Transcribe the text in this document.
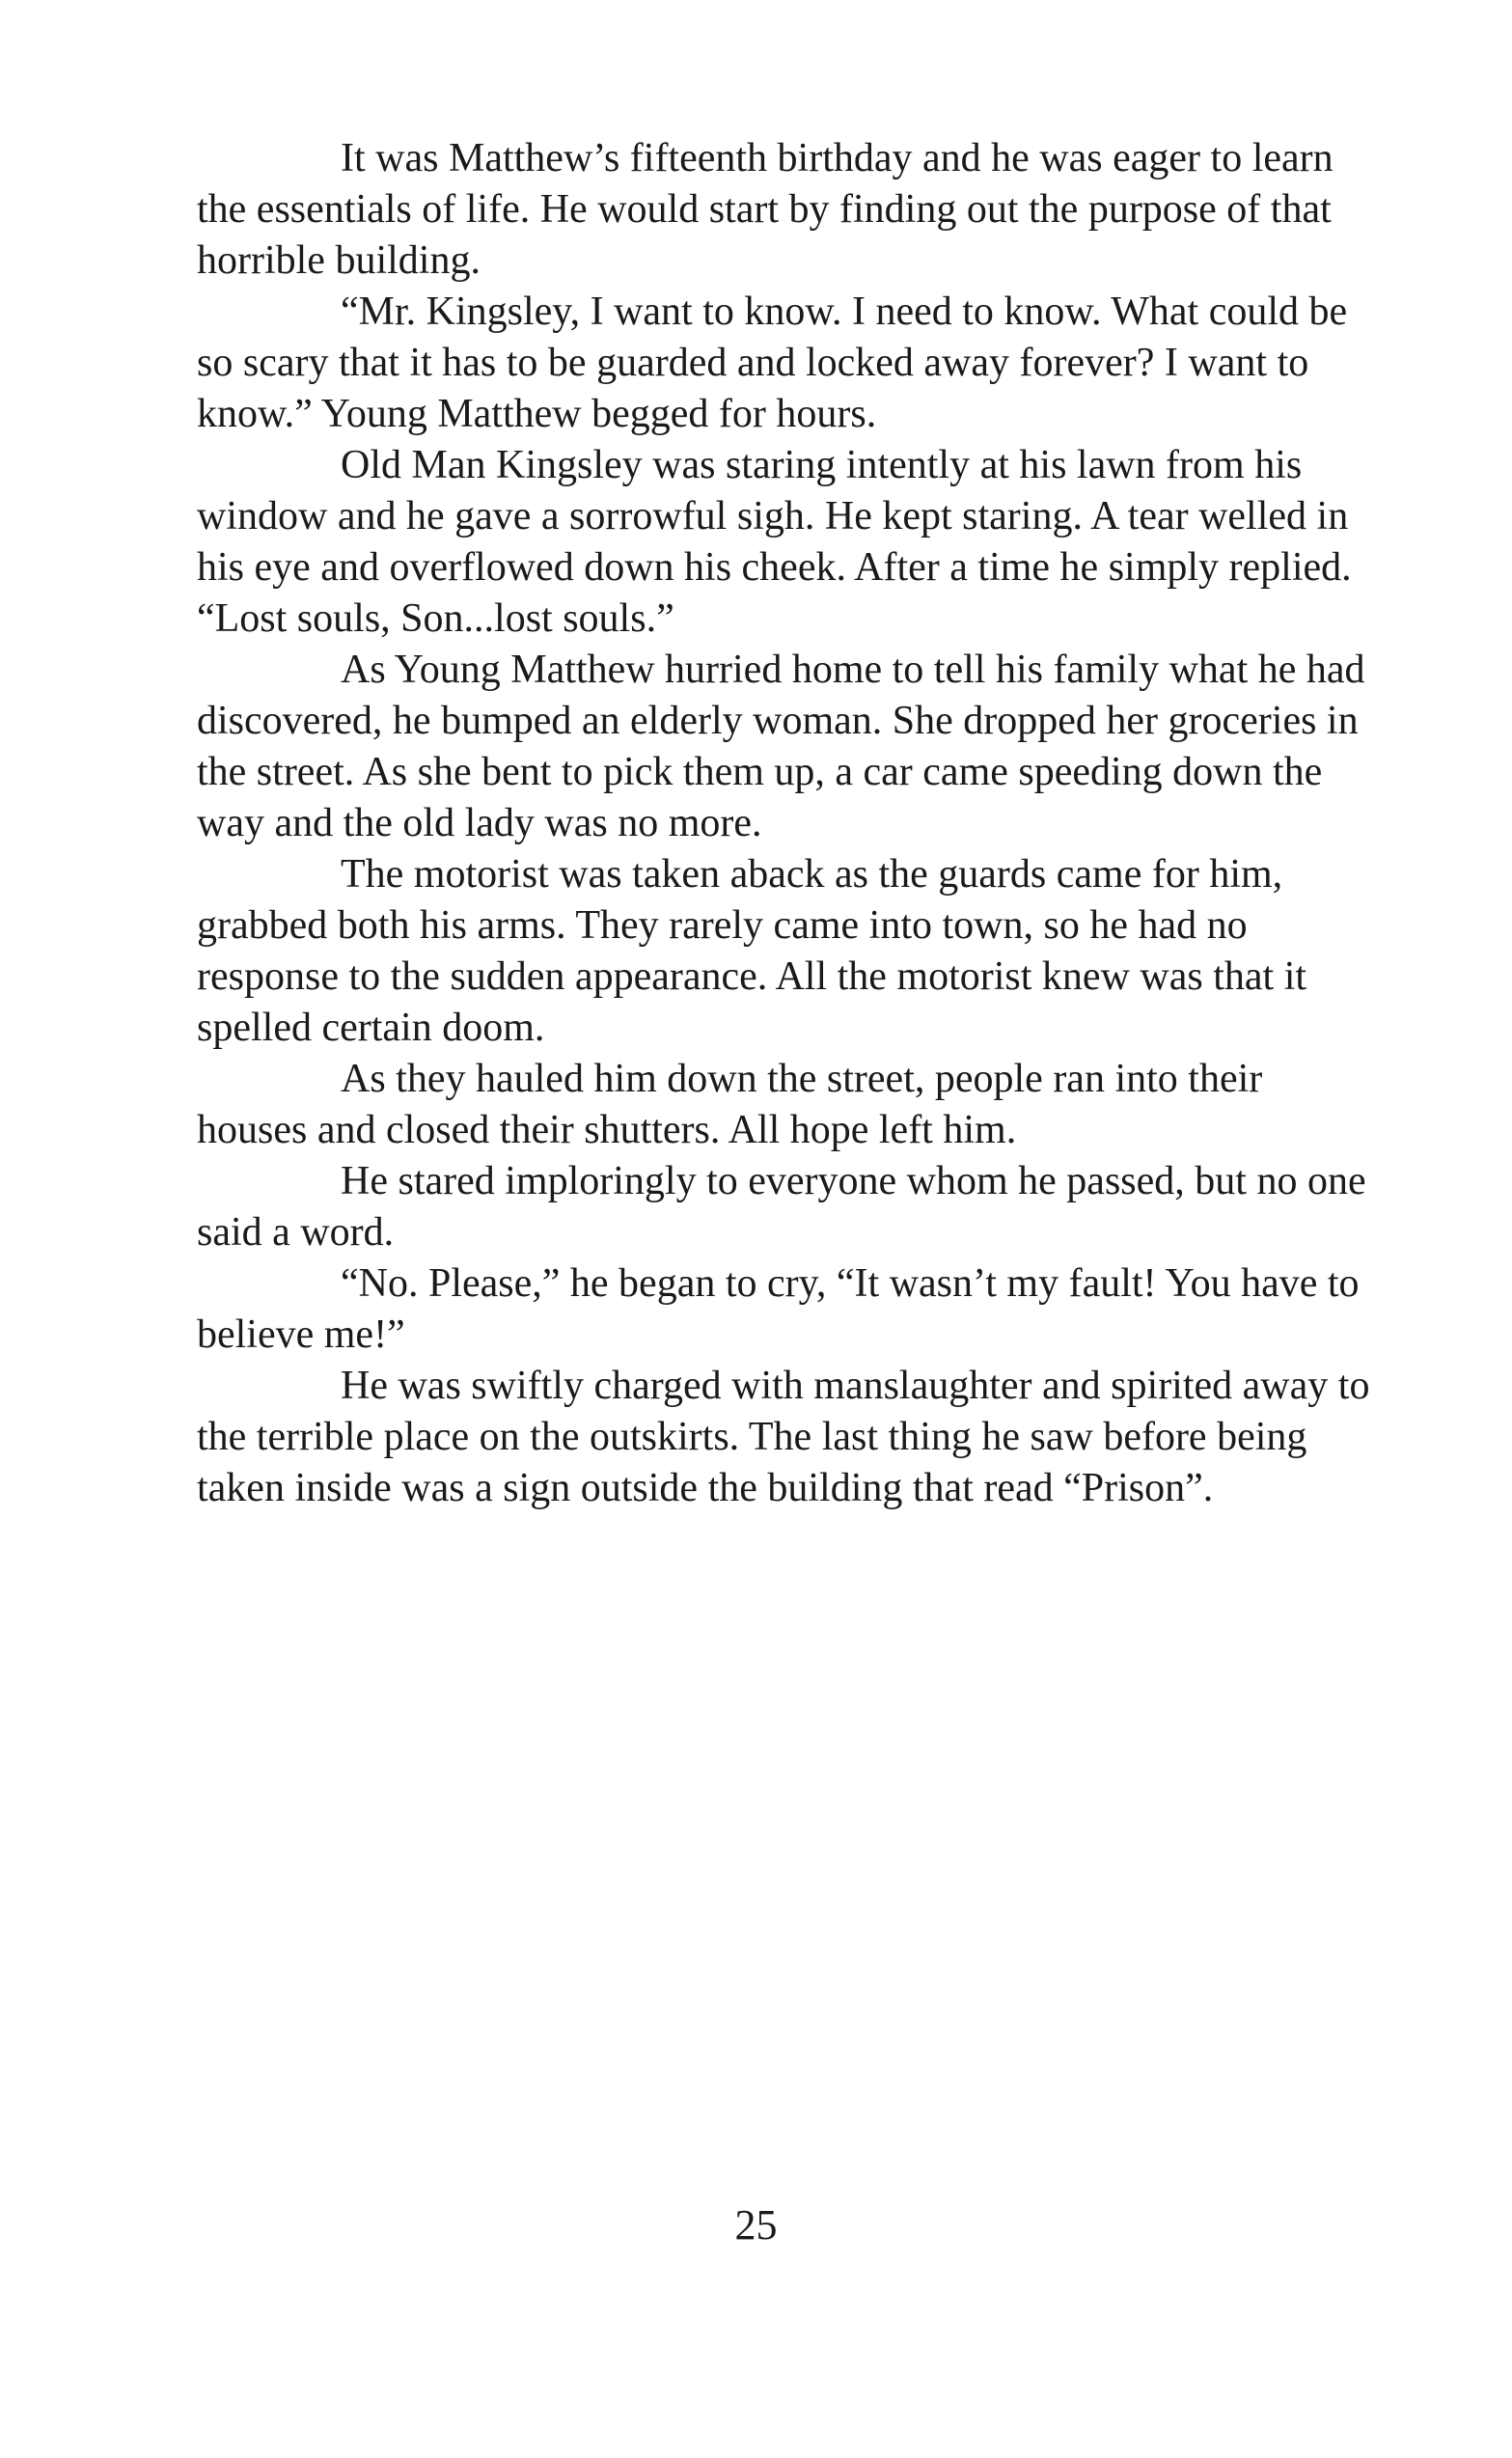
It was Matthew’s fifteenth birthday and he was eager to learn the essentials of life. He would start by finding out the purpose of that horrible building.

“Mr. Kingsley, I want to know. I need to know. What could be so scary that it has to be guarded and locked away forever? I want to know.” Young Matthew begged for hours.

Old Man Kingsley was staring intently at his lawn from his window and he gave a sorrowful sigh. He kept staring. A tear welled in his eye and overflowed down his cheek. After a time he simply replied. “Lost souls, Son...lost souls.”

As Young Matthew hurried home to tell his family what he had discovered, he bumped an elderly woman. She dropped her groceries in the street. As she bent to pick them up, a car came speeding down the way and the old lady was no more.

The motorist was taken aback as the guards came for him, grabbed both his arms. They rarely came into town, so he had no response to the sudden appearance. All the motorist knew was that it spelled certain doom.

As they hauled him down the street, people ran into their houses and closed their shutters. All hope left him.

He stared imploringly to everyone whom he passed, but no one said a word.

“No. Please,” he began to cry, “It wasn’t my fault! You have to believe me!”

He was swiftly charged with manslaughter and spirited away to the terrible place on the outskirts. The last thing he saw before being taken inside was a sign outside the building that read “Prison”.

25
